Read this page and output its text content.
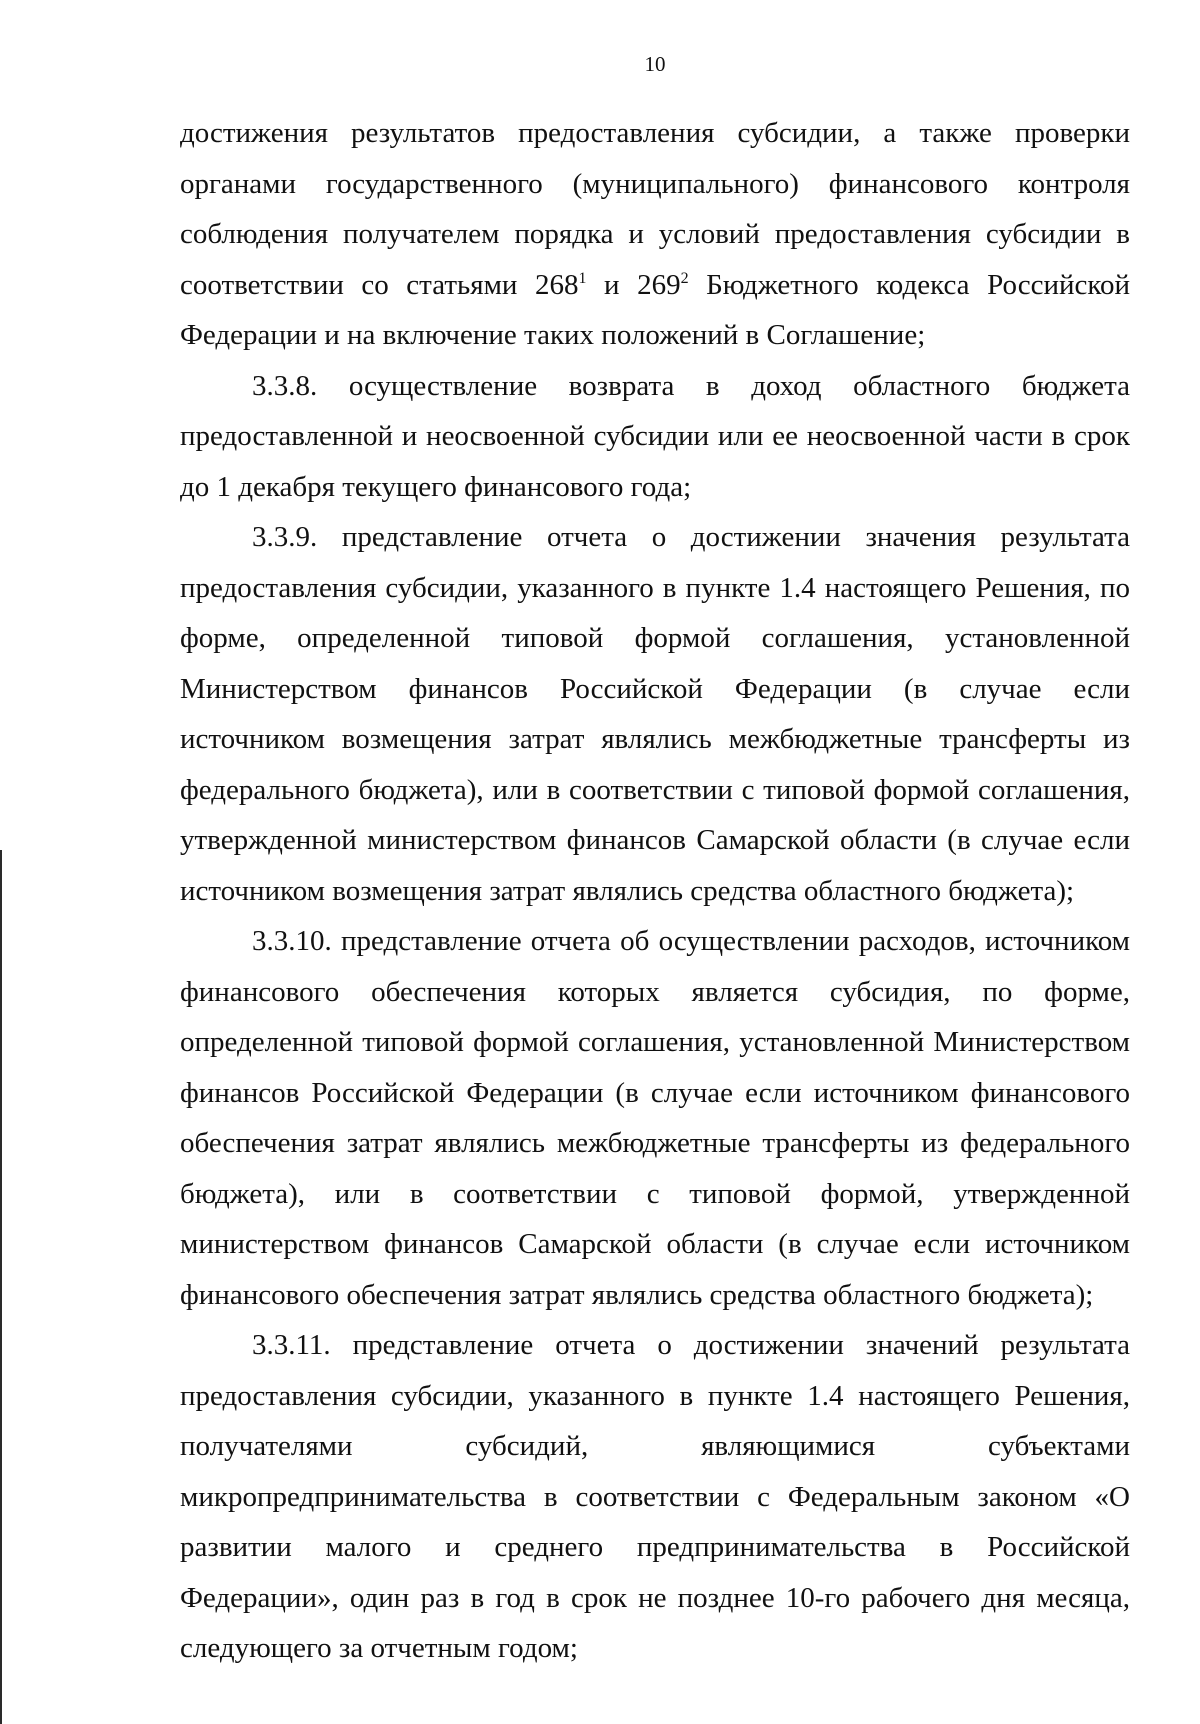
10

достижения результатов предоставления субсидии, а также проверки органами государственного (муниципального) финансового контроля соблюдения получателем порядка и условий предоставления субсидии в соответствии со статьями $268^1$ и $269^2$ Бюджетного кодекса Российской Федерации и на включение таких положений в Соглашение;

3.3.8. осуществление возврата в доход областного бюджета предоставленной и неосвоенной субсидии или ее неосвоенной части в срок до 1 декабря текущего финансового года;

3.3.9. представление отчета о достижении значения результата предоставления субсидии, указанного в пункте 1.4 настоящего Решения, по форме, определенной типовой формой соглашения, установленной Министерством финансов Российской Федерации (в случае если источником возмещения затрат являлись межбюджетные трансферты из федерального бюджета), или в соответствии с типовой формой соглашения, утвержденной министерством финансов Самарской области (в случае если источником возмещения затрат являлись средства областного бюджета);

3.3.10. представление отчета об осуществлении расходов, источником финансового обеспечения которых является субсидия, по форме, определенной типовой формой соглашения, установленной Министерством финансов Российской Федерации (в случае если источником финансового обеспечения затрат являлись межбюджетные трансферты из федерального бюджета), или в соответствии с типовой формой, утвержденной министерством финансов Самарской области (в случае если источником финансового обеспечения затрат являлись средства областного бюджета);

3.3.11. представление отчета о достижении значений результата предоставления субсидии, указанного в пункте 1.4 настоящего Решения, получателями субсидий, являющимися субъектами микропредпринимательства в соответствии с Федеральным законом «О развитии малого и среднего предпринимательства в Российской Федерации», один раз в год в срок не позднее 10-го рабочего дня месяца, следующего за отчетным годом;
